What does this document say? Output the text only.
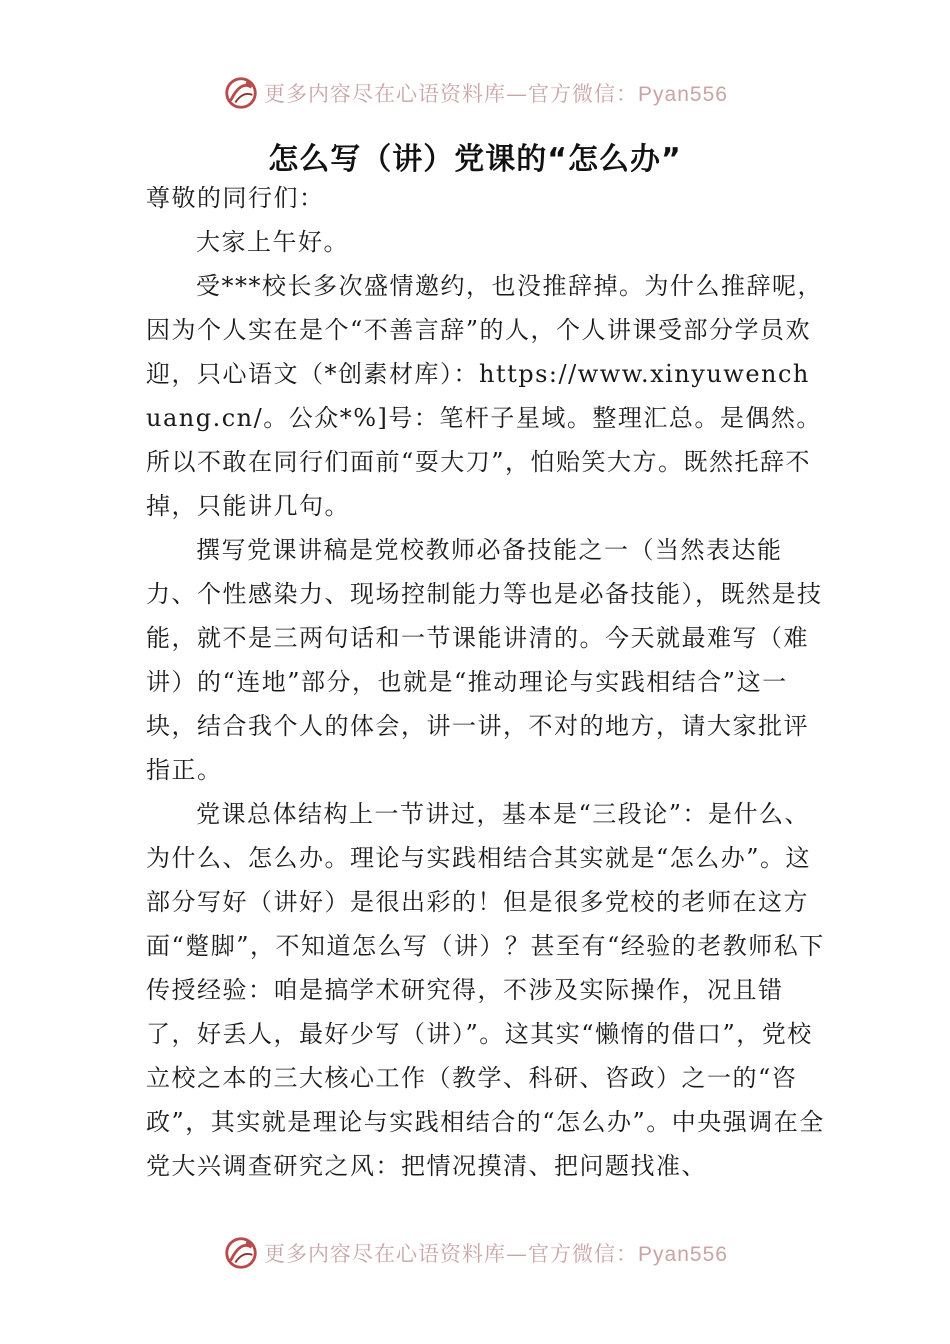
更多内容尽在心语资料库—官方微信：Pyan556
怎么写（讲）党课的“怎么办”

尊敬的同行们：

大家上午好。

受***校长多次盛情邀约，也没推辞掉。为什么推辞呢，因为个人实在是个“不善言辞”的人，个人讲课受部分学员欢迎，只心语文（*创素材库）：https://www.xinyuwenchuang.cn/。公众*%]号：笔杆子星域。整理汇总。是偶然。所以不敢在同行们面前“耍大刀”，怕贻笑大方。既然托辞不掉，只能讲几句。

撰写党课讲稿是党校教师必备技能之一（当然表达能力、个性感染力、现场控制能力等也是必备技能），既然是技能，就不是三两句话和一节课能讲清的。今天就最难写（难讲）的“连地”部分，也就是“推动理论与实践相结合”这一块，结合我个人的体会，讲一讲，不对的地方，请大家批评指正。

党课总体结构上一节讲过，基本是“三段论”：是什么、为什么、怎么办。理论与实践相结合其实就是“怎么办”。这部分写好（讲好）是很出彩的！但是很多党校的老师在这方面“蹩脚”，不知道怎么写（讲）？甚至有“经验的老教师私下传授经验：咱是搞学术研究得，不涉及实际操作，况且错了，好丢人，最好少写（讲）”。这其实“懒惰的借口”，党校立校之本的三大核心工作（教学、科研、咨政）之一的“咨政”，其实就是理论与实践相结合的“怎么办”。中央强调在全党大兴调查研究之风：把情况摸清、把问题找准、

更多内容尽在心语资料库—官方微信：Pyan556
